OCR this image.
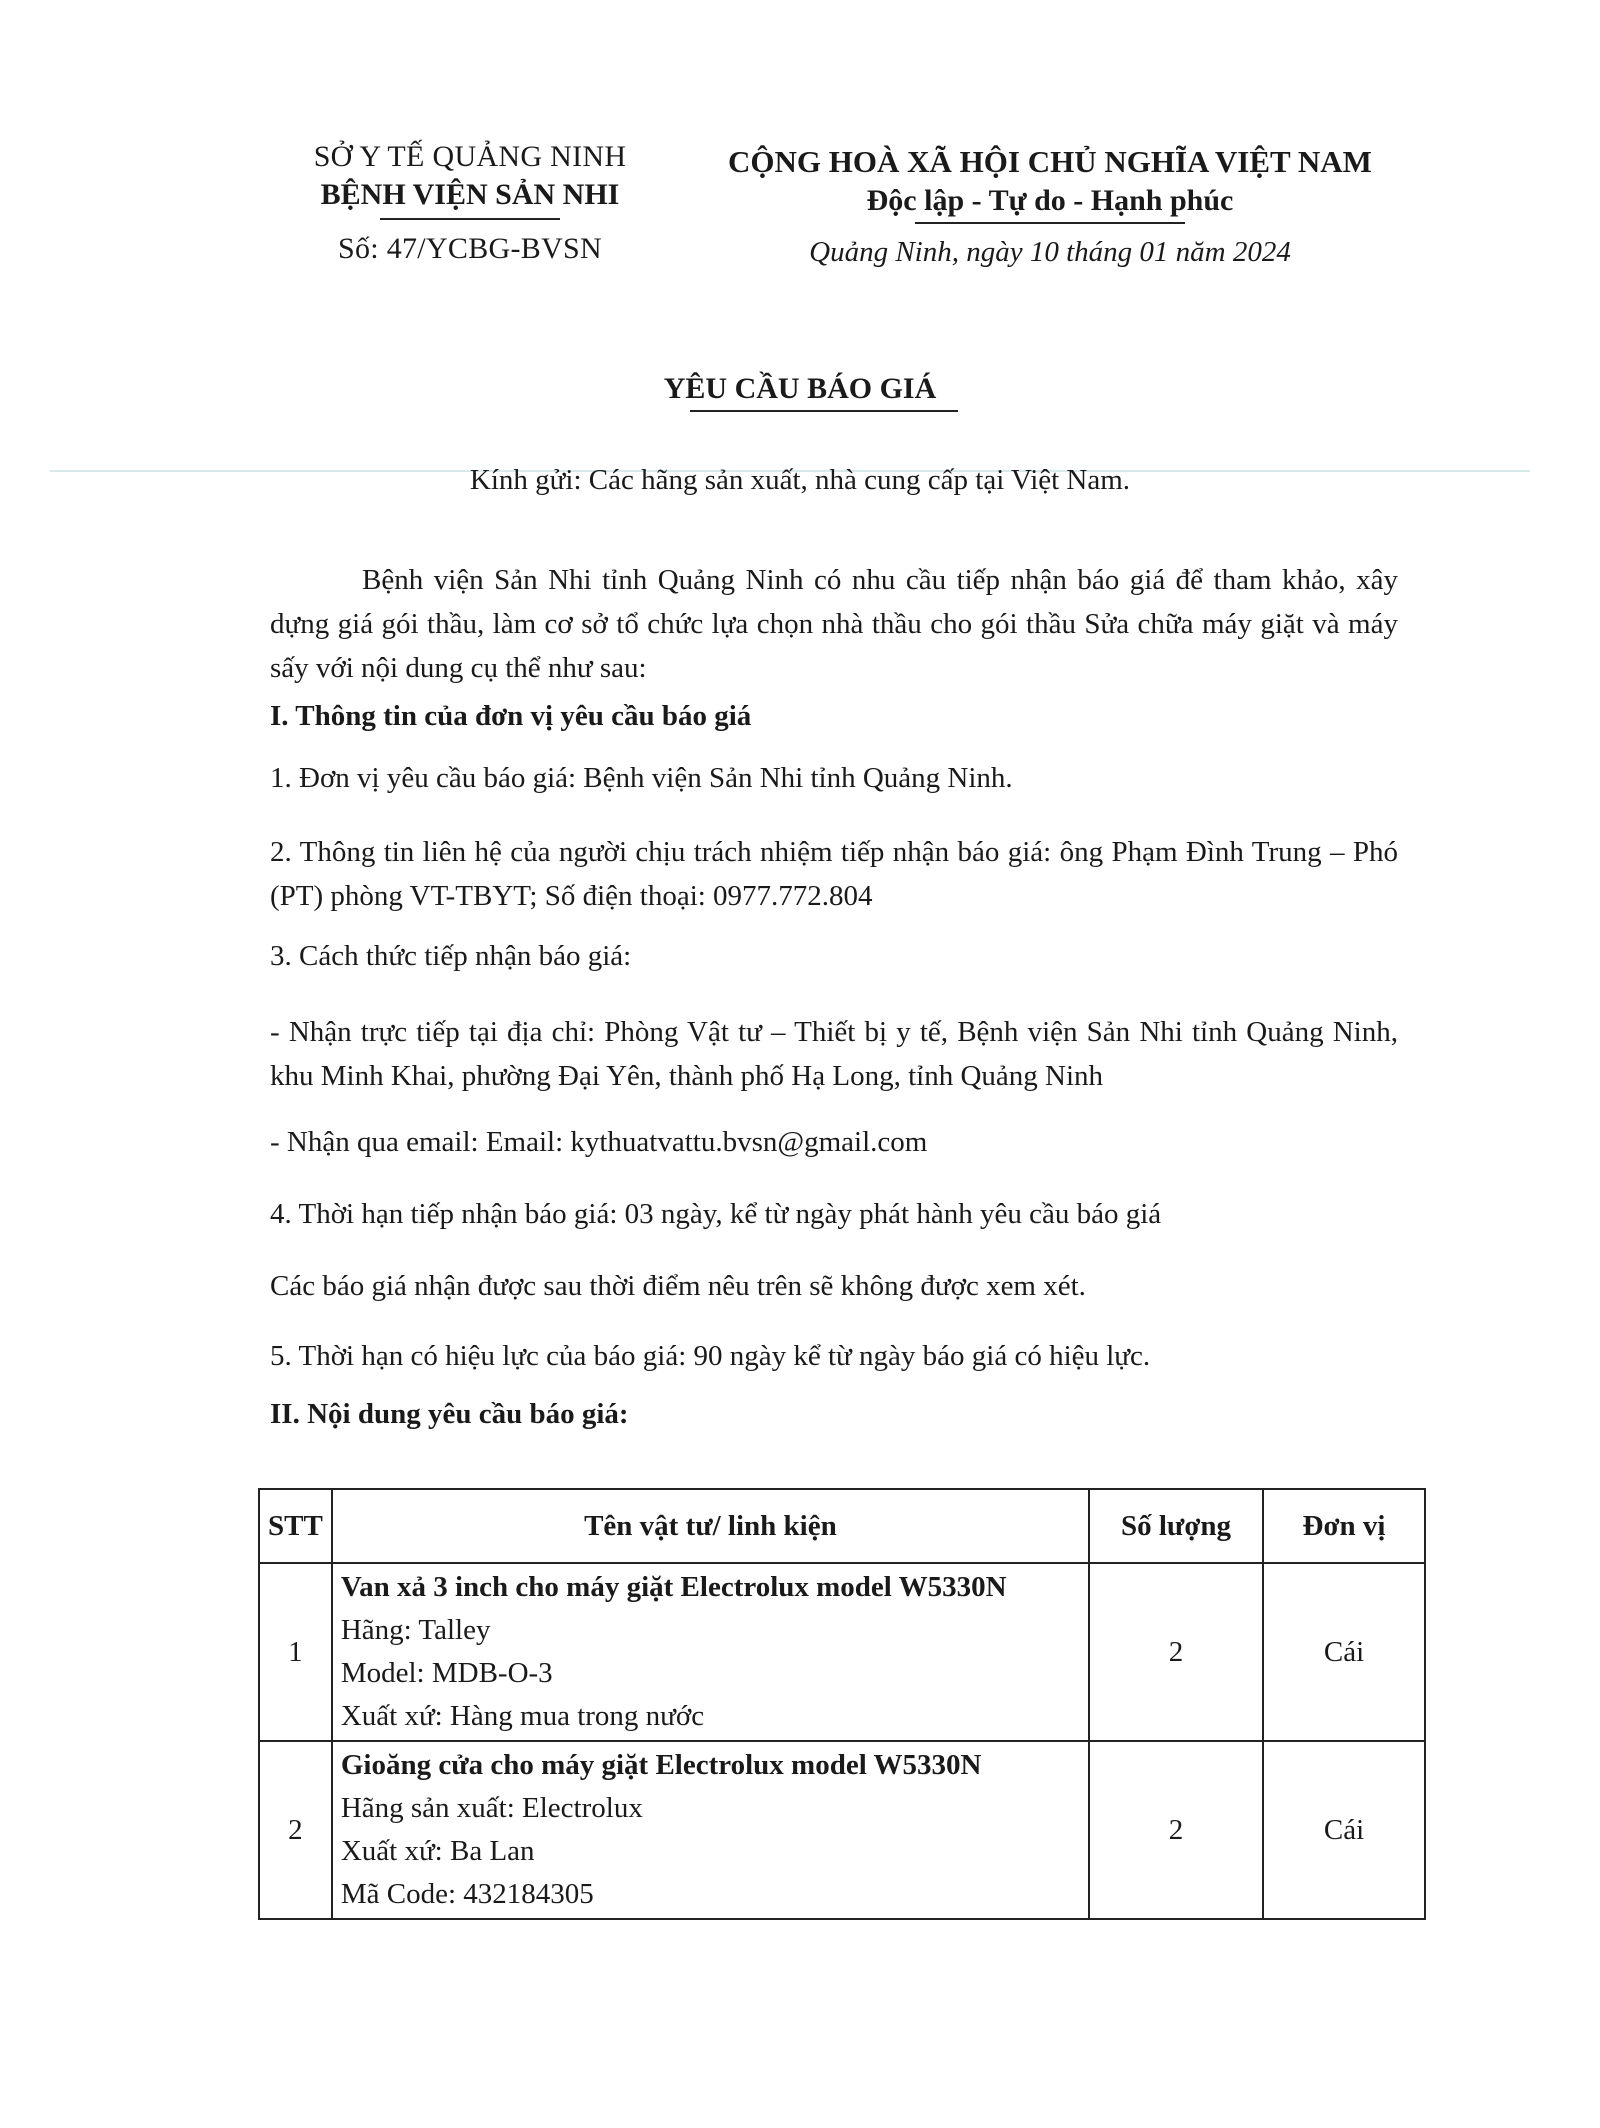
SỞ Y TẾ QUẢNG NINH
BỆNH VIỆN SẢN NHI
Số: 47/YCBG-BVSN
CỘNG HOÀ XÃ HỘI CHỦ NGHĨA VIỆT NAM
Độc lập - Tự do - Hạnh phúc
Quảng Ninh, ngày 10 tháng 01 năm 2024
YÊU CẦU BÁO GIÁ
Kính gửi: Các hãng sản xuất, nhà cung cấp tại Việt Nam.
Bệnh viện Sản Nhi tỉnh Quảng Ninh có nhu cầu tiếp nhận báo giá để tham khảo, xây dựng giá gói thầu, làm cơ sở tổ chức lựa chọn nhà thầu cho gói thầu Sửa chữa máy giặt và máy sấy với nội dung cụ thể như sau:
I. Thông tin của đơn vị yêu cầu báo giá
1. Đơn vị yêu cầu báo giá: Bệnh viện Sản Nhi tỉnh Quảng Ninh.
2. Thông tin liên hệ của người chịu trách nhiệm tiếp nhận báo giá: ông Phạm Đình Trung – Phó (PT) phòng VT-TBYT; Số điện thoại: 0977.772.804
3. Cách thức tiếp nhận báo giá:
- Nhận trực tiếp tại địa chỉ: Phòng Vật tư – Thiết bị y tế, Bệnh viện Sản Nhi tỉnh Quảng Ninh, khu Minh Khai, phường Đại Yên, thành phố Hạ Long, tỉnh Quảng Ninh
- Nhận qua email: Email: kythuatvattu.bvsn@gmail.com
4. Thời hạn tiếp nhận báo giá: 03 ngày, kể từ ngày phát hành yêu cầu báo giá
Các báo giá nhận được sau thời điểm nêu trên sẽ không được xem xét.
5. Thời hạn có hiệu lực của báo giá: 90 ngày kể từ ngày báo giá có hiệu lực.
II. Nội dung yêu cầu báo giá:
STT	Tên vật tư/ linh kiện	Số lượng	Đơn vị
1	Van xả 3 inch cho máy giặt Electrolux model W5330N
Hãng: Talley
Model: MDB-O-3
Xuất xứ: Hàng mua trong nước	2	Cái
2	Gioăng cửa cho máy giặt Electrolux model W5330N
Hãng sản xuất: Electrolux
Xuất xứ: Ba Lan
Mã Code: 432184305	2	Cái
